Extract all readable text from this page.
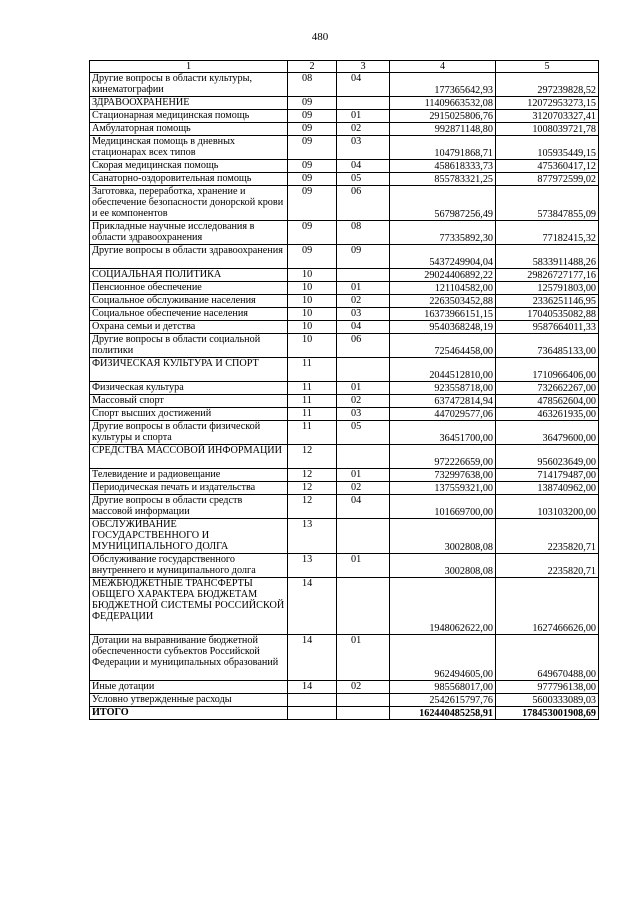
480
1	2	3	4	5
Другие вопросы в области культуры, кинематографии	08	04	177365642,93	297239828,52
ЗДРАВООХРАНЕНИЕ	09		11409663532,08	12072953273,15
Стационарная медицинская помощь	09	01	2915025806,76	3120703327,41
Амбулаторная помощь	09	02	992871148,80	1008039721,78
Медицинская помощь в дневных стационарах всех типов	09	03	104791868,71	105935449,15
Скорая медицинская помощь	09	04	458618333,73	475360417,12
Санаторно-оздоровительная помощь	09	05	855783321,25	877972599,02
Заготовка, переработка, хранение и обеспечение безопасности донорской крови и ее компонентов	09	06	567987256,49	573847855,09
Прикладные научные исследования в области здравоохранения	09	08	77335892,30	77182415,32
Другие вопросы в области здравоохранения	09	09	5437249904,04	5833911488,26
СОЦИАЛЬНАЯ ПОЛИТИКА	10		29024406892,22	29826727177,16
Пенсионное обеспечение	10	01	121104582,00	125791803,00
Социальное обслуживание населения	10	02	2263503452,88	2336251146,95
Социальное обеспечение населения	10	03	16373966151,15	17040535082,88
Охрана семьи и детства	10	04	9540368248,19	9587664011,33
Другие вопросы в области социальной политики	10	06	725464458,00	736485133,00
ФИЗИЧЕСКАЯ КУЛЬТУРА И СПОРТ	11		2044512810,00	1710966406,00
Физическая культура	11	01	923558718,00	732662267,00
Массовый спорт	11	02	637472814,94	478562604,00
Спорт высших достижений	11	03	447029577,06	463261935,00
Другие вопросы в области физической культуры и спорта	11	05	36451700,00	36479600,00
СРЕДСТВА МАССОВОЙ ИНФОРМАЦИИ	12		972226659,00	956023649,00
Телевидение и радиовещание	12	01	732997638,00	714179487,00
Периодическая печать и издательства	12	02	137559321,00	138740962,00
Другие вопросы в области средств массовой информации	12	04	101669700,00	103103200,00
ОБСЛУЖИВАНИЕ ГОСУДАРСТВЕННОГО И МУНИЦИПАЛЬНОГО ДОЛГА	13		3002808,08	2235820,71
Обслуживание государственного внутреннего и муниципального долга	13	01	3002808,08	2235820,71
МЕЖБЮДЖЕТНЫЕ ТРАНСФЕРТЫ ОБЩЕГО ХАРАКТЕРА БЮДЖЕТАМ БЮДЖЕТНОЙ СИСТЕМЫ РОССИЙСКОЙ ФЕДЕРАЦИИ	14		1948062622,00	1627466626,00
Дотации на выравнивание бюджетной обеспеченности субъектов Российской Федерации и муниципальных образований	14	01	962494605,00	649670488,00
Иные дотации	14	02	985568017,00	977796138,00
Условно утвержденные расходы			2542615797,76	5600333089,03
ИТОГО			162440485258,91	178453001908,69
